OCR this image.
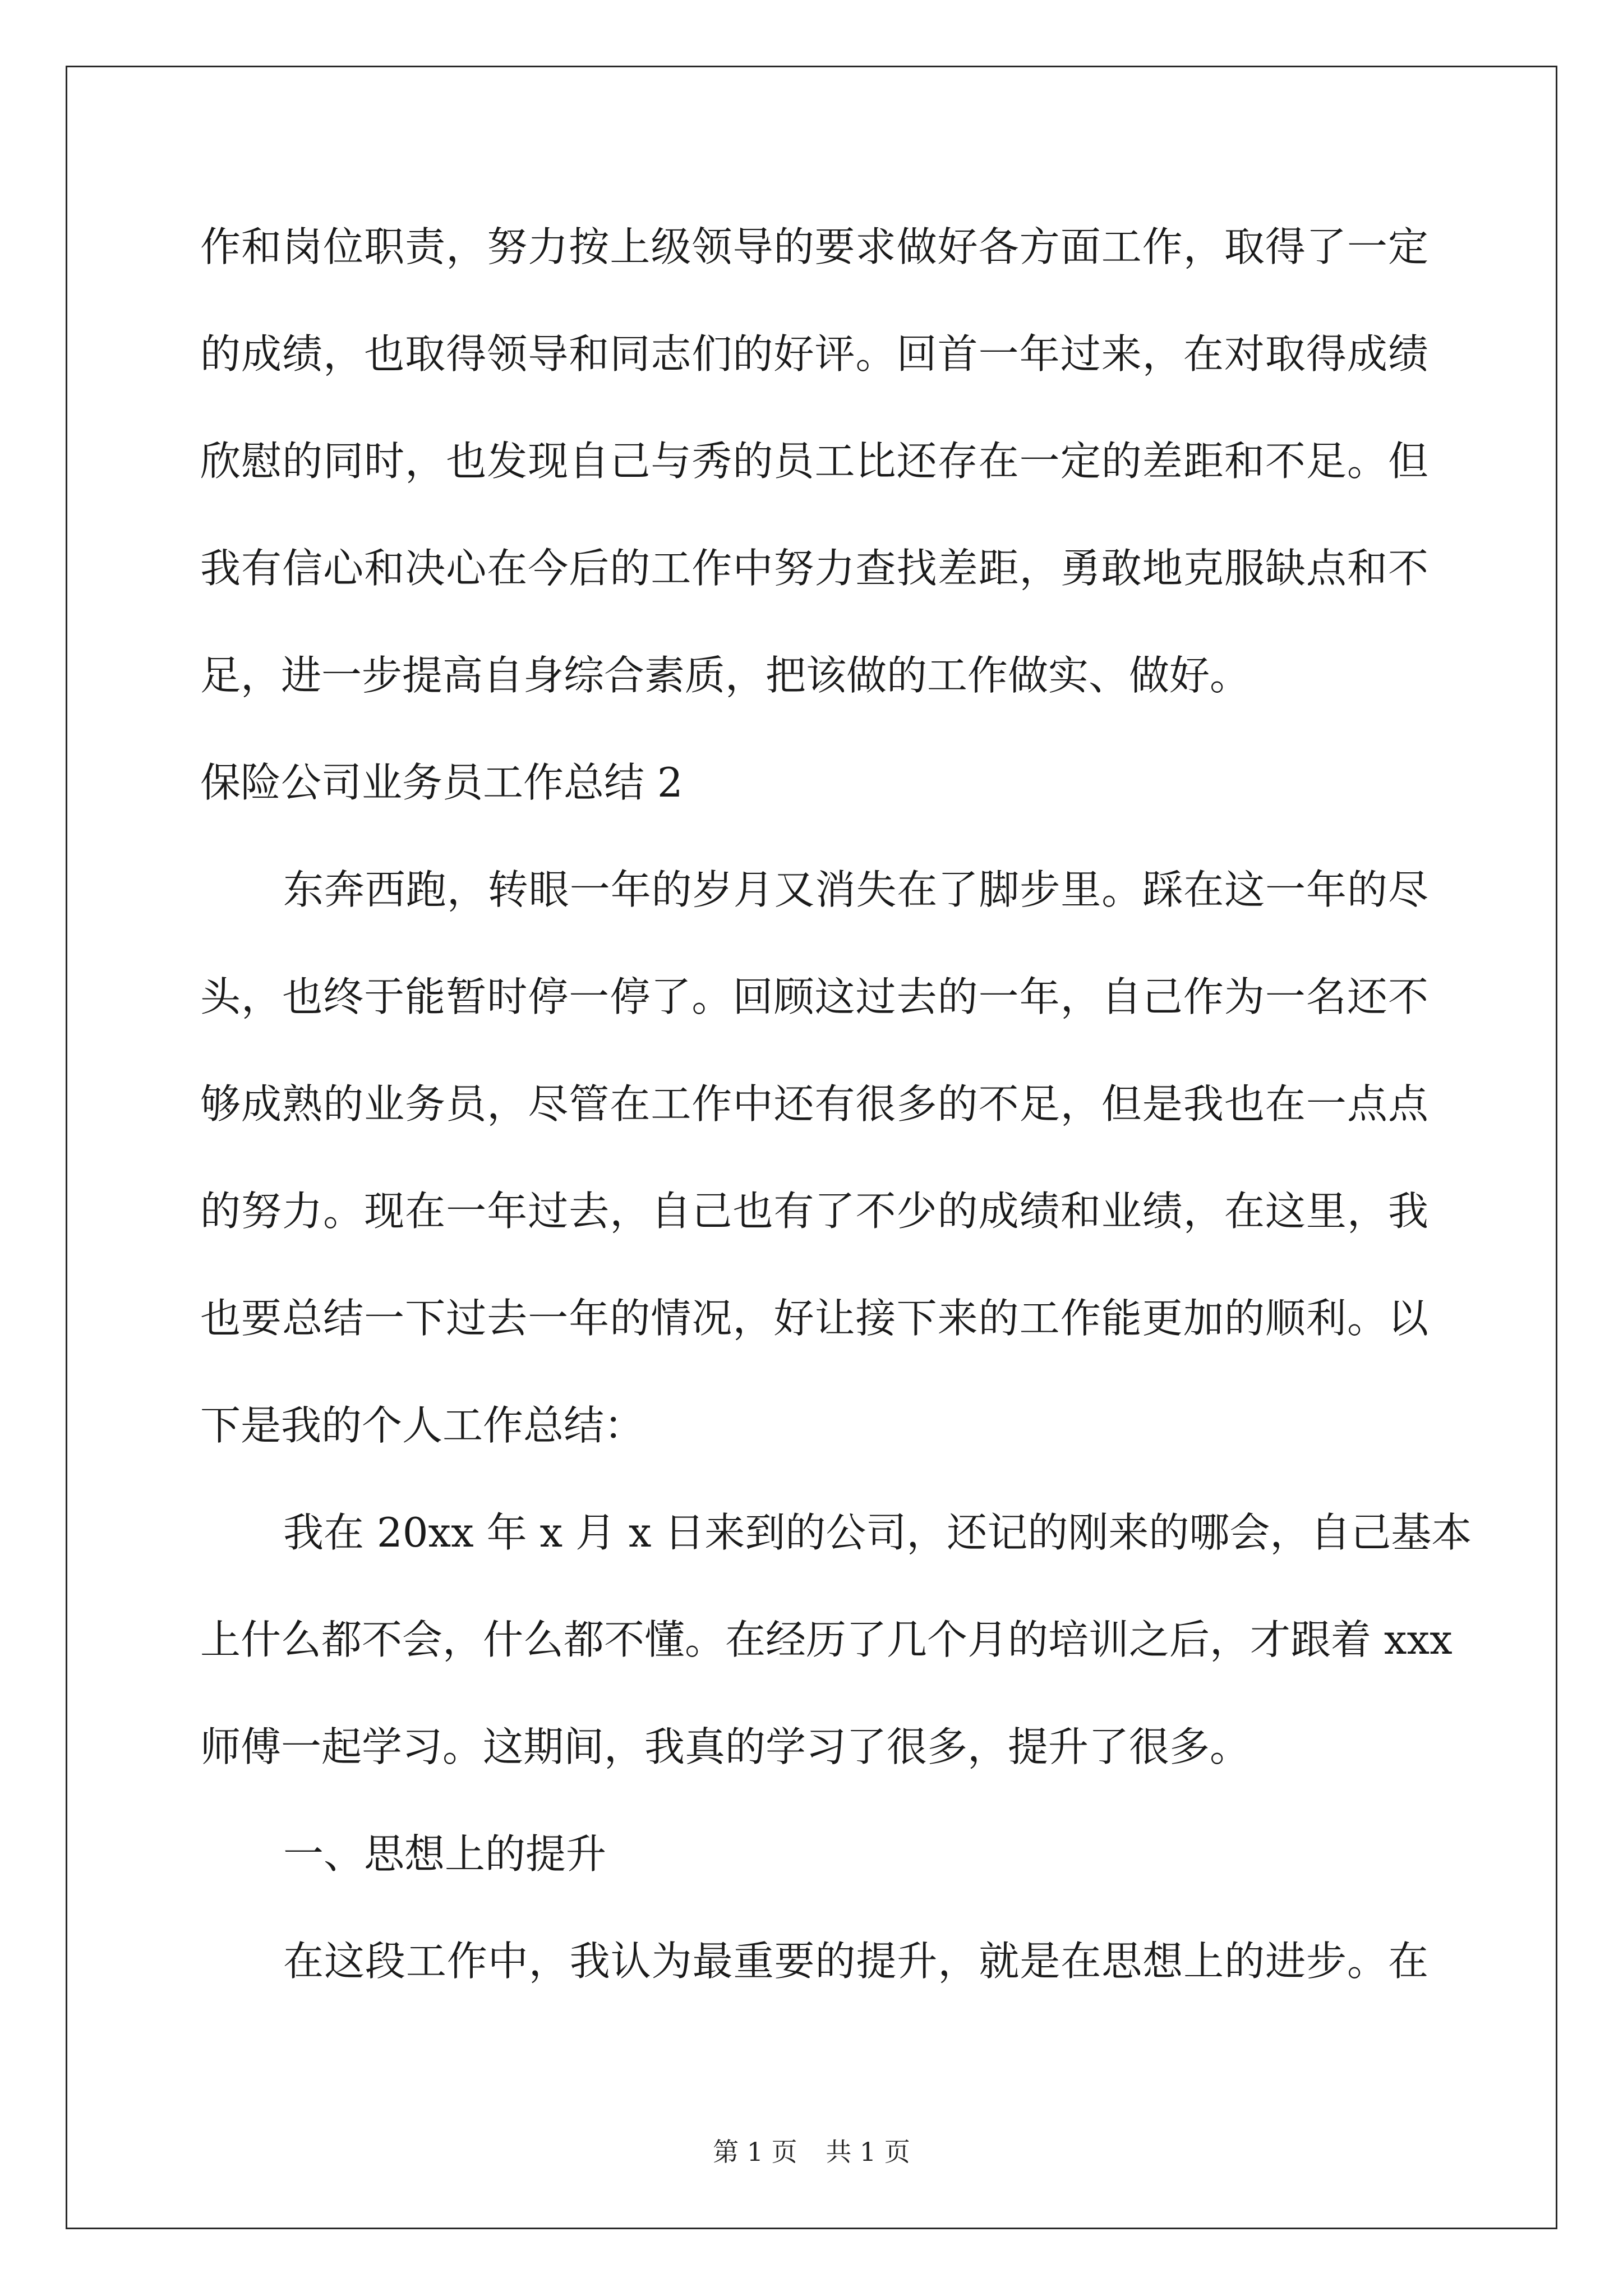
作和岗位职责，努力按上级领导的要求做好各方面工作，取得了一定
的成绩，也取得领导和同志们的好评。回首一年过来，在对取得成绩
欣慰的同时，也发现自己与秀的员工比还存在一定的差距和不足。但
我有信心和决心在今后的工作中努力查找差距，勇敢地克服缺点和不
足，进一步提高自身综合素质，把该做的工作做实、做好。
保险公司业务员工作总结 2
东奔西跑，转眼一年的岁月又消失在了脚步里。踩在这一年的尽
头，也终于能暂时停一停了。回顾这过去的一年，自己作为一名还不
够成熟的业务员，尽管在工作中还有很多的不足，但是我也在一点点
的努力。现在一年过去，自己也有了不少的成绩和业绩，在这里，我
也要总结一下过去一年的情况，好让接下来的工作能更加的顺利。以
下是我的个人工作总结：
我在 20xx 年 x 月 x 日来到的公司，还记的刚来的哪会，自己基本
上什么都不会，什么都不懂。在经历了几个月的培训之后，才跟着 xxx
师傅一起学习。这期间，我真的学习了很多，提升了很多。
一、思想上的提升
在这段工作中，我认为最重要的提升，就是在思想上的进步。在
第 1 页 共 1 页
